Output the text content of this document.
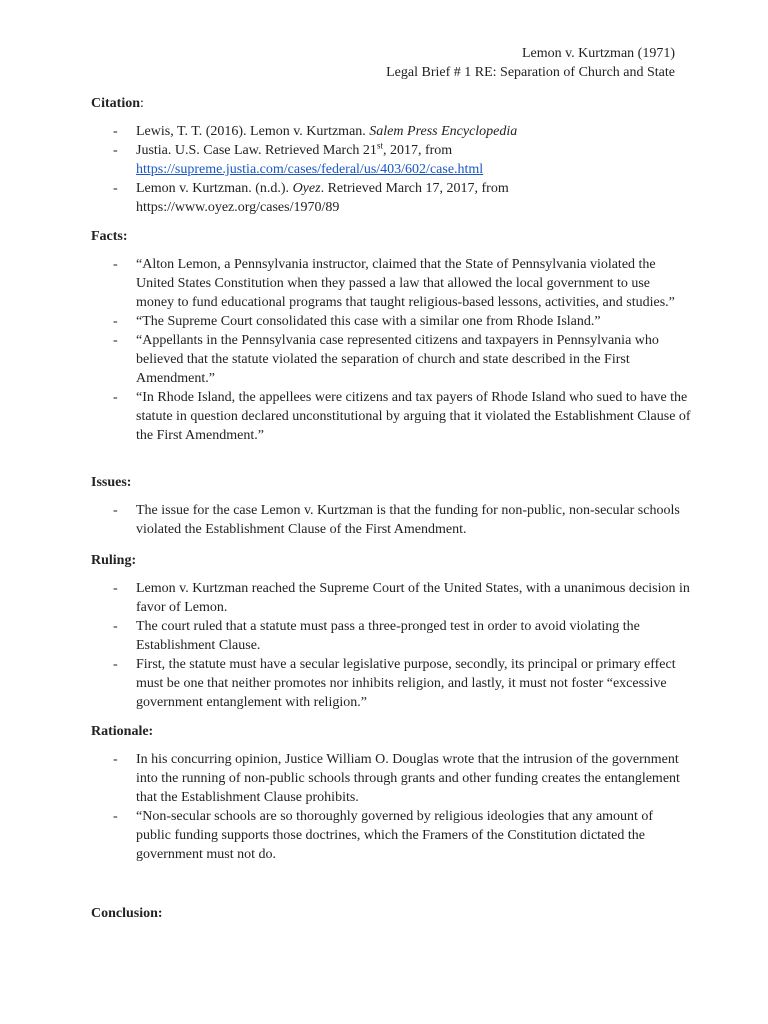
Lemon v. Kurtzman (1971)
Legal Brief # 1 RE: Separation of Church and State
Citation:
- Lewis, T. T. (2016). Lemon v. Kurtzman. Salem Press Encyclopedia
- Justia. U.S. Case Law. Retrieved March 21st, 2017, from
https://supreme.justia.com/cases/federal/us/403/602/case.html
- Lemon v. Kurtzman. (n.d.). Oyez. Retrieved March 17, 2017, from
https://www.oyez.org/cases/1970/89
Facts:
- “Alton Lemon, a Pennsylvania instructor, claimed that the State of Pennsylvania violated the United States Constitution when they passed a law that allowed the local government to use money to fund educational programs that taught religious-based lessons, activities, and studies.”
- “The Supreme Court consolidated this case with a similar one from Rhode Island.”
- “Appellants in the Pennsylvania case represented citizens and taxpayers in Pennsylvania who believed that the statute violated the separation of church and state described in the First Amendment.”
- “In Rhode Island, the appellees were citizens and tax payers of Rhode Island who sued to have the statute in question declared unconstitutional by arguing that it violated the Establishment Clause of the First Amendment.”
Issues:
- The issue for the case Lemon v. Kurtzman is that the funding for non-public, non-secular schools violated the Establishment Clause of the First Amendment.
Ruling:
- Lemon v. Kurtzman reached the Supreme Court of the United States, with a unanimous decision in favor of Lemon.
- The court ruled that a statute must pass a three-pronged test in order to avoid violating the Establishment Clause.
- First, the statute must have a secular legislative purpose, secondly, its principal or primary effect must be one that neither promotes nor inhibits religion, and lastly, it must not foster “excessive government entanglement with religion.”
Rationale:
- In his concurring opinion, Justice William O. Douglas wrote that the intrusion of the government into the running of non-public schools through grants and other funding creates the entanglement that the Establishment Clause prohibits.
- “Non-secular schools are so thoroughly governed by religious ideologies that any amount of public funding supports those doctrines, which the Framers of the Constitution dictated the government must not do.
Conclusion:
